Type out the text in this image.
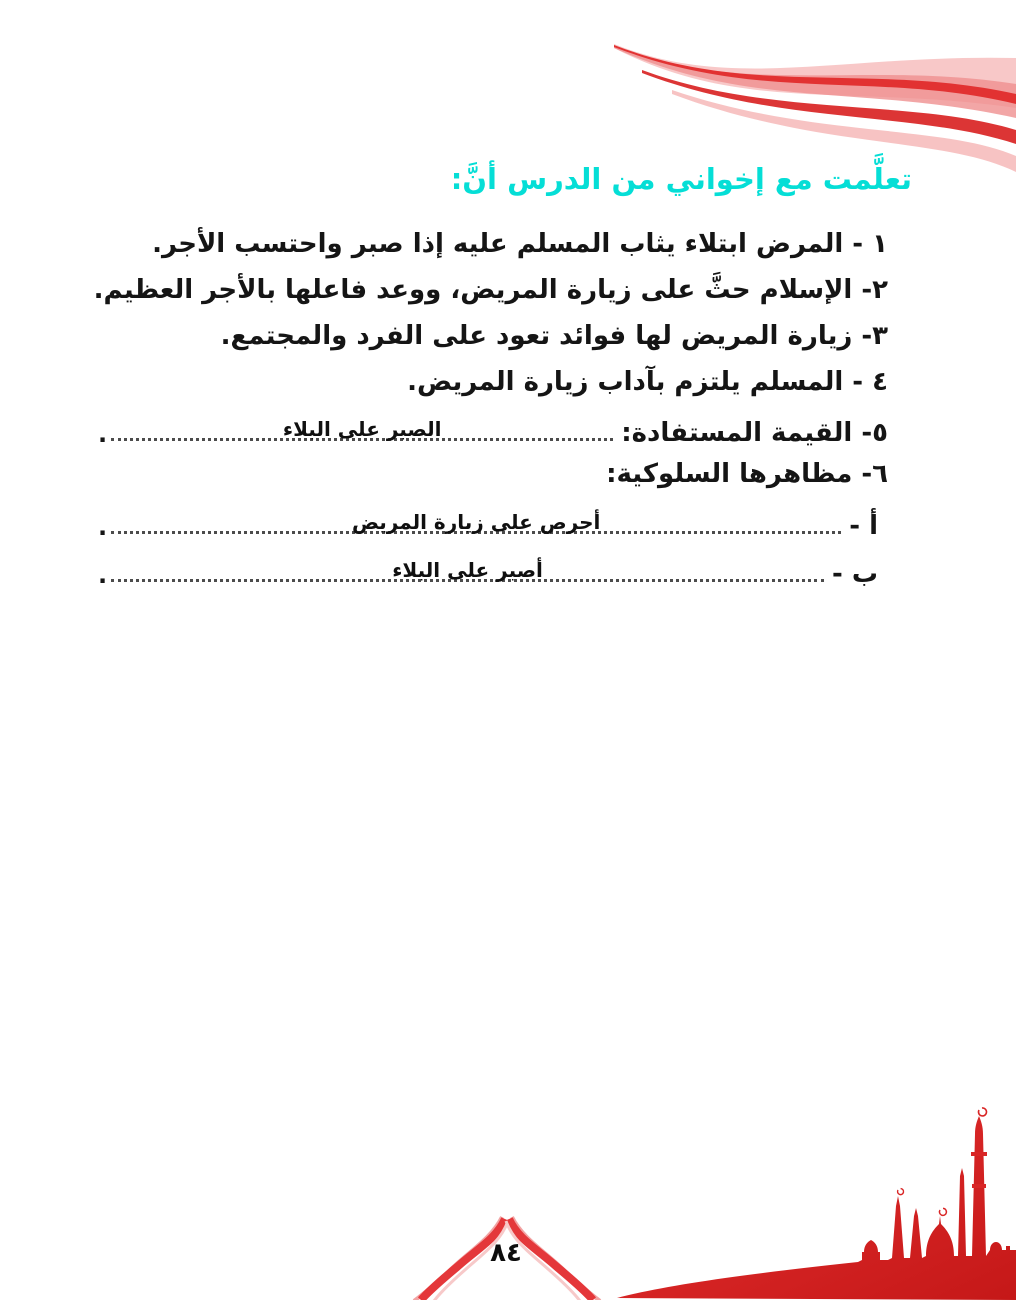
تعلَّمت مع إخواني من الدرس أنَّ:
١ -
المرض ابتلاء يثاب المسلم عليه إذا صبر واحتسب الأجر.
٢-
الإسلام حثَّ على زيارة المريض، ووعد فاعلها بالأجر العظيم.
٣-
زيارة المريض لها فوائد تعود على الفرد والمجتمع.
٤ -
المسلم يلتزم بآداب زيارة المريض.
٥-

القيمة المستفادة:
الصبر على البلاء
.
٦-
مظاهرها السلوكية:
أ -
أحرص على زيارة المريض
.
ب -
أصبر على البلاء
.
٨٤
